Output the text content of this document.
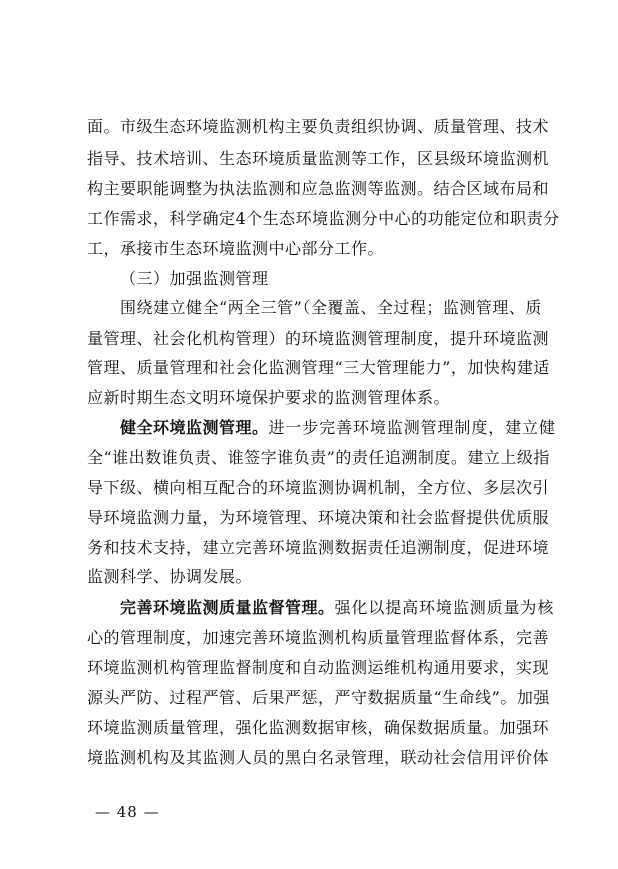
面。市级生态环境监测机构主要负责组织协调、质量管理、技术
指导、技术培训、生态环境质量监测等工作，区县级环境监测机
构主要职能调整为执法监测和应急监测等监测。结合区域布局和
工作需求，科学确定4个生态环境监测分中心的功能定位和职责分
工，承接市生态环境监测中心部分工作。
（三）加强监测管理
围绕建立健全“两全三管”（全覆盖、全过程；监测管理、质
量管理、社会化机构管理）的环境监测管理制度，提升环境监测
管理、质量管理和社会化监测管理“三大管理能力”，加快构建适
应新时期生态文明环境保护要求的监测管理体系。
健全环境监测管理。 进一步完善环境监测管理制度，建立健
全“谁出数谁负责、谁签字谁负责”的责任追溯制度。建立上级指
导下级、横向相互配合的环境监测协调机制，全方位、多层次引
导环境监测力量，为环境管理、环境决策和社会监督提供优质服
务和技术支持，建立完善环境监测数据责任追溯制度，促进环境
监测科学、协调发展。
完善环境监测质量监督管理。 强化以提高环境监测质量为核
心的管理制度，加速完善环境监测机构质量管理监督体系，完善
环境监测机构管理监督制度和自动监测运维机构通用要求，实现
源头严防、过程严管、后果严惩，严守数据质量“生命线”。加强
环境监测质量管理，强化监测数据审核，确保数据质量。加强环
境监测机构及其监测人员的黑白名录管理，联动社会信用评价体
— 48 —
